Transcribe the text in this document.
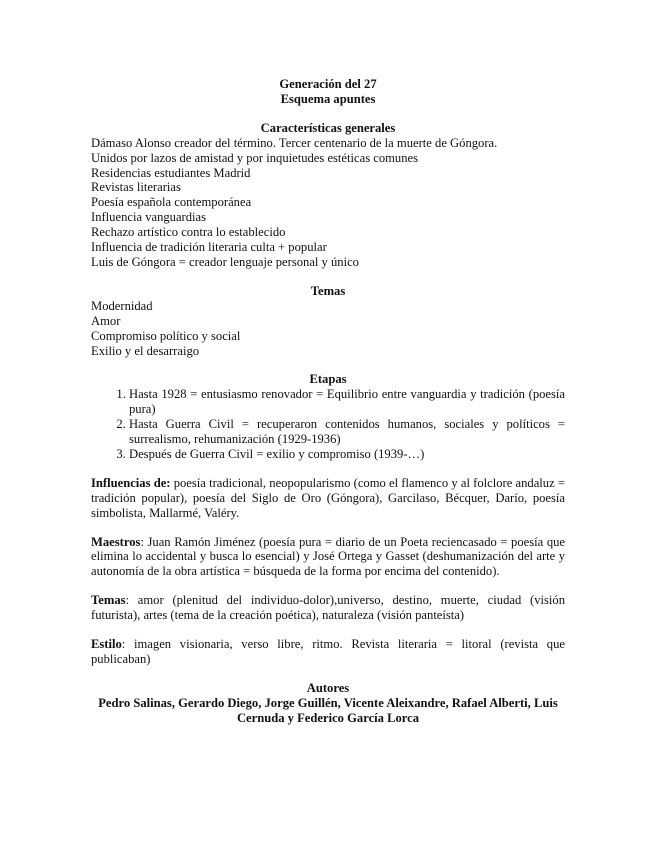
Generación del 27
Esquema apuntes
Características generales
Dámaso Alonso creador del término. Tercer centenario de la muerte de Góngora.
Unidos por lazos de amistad y por inquietudes estéticas comunes
Residencias estudiantes Madrid
Revistas literarias
Poesía española contemporánea
Influencia vanguardias
Rechazo artístico contra lo establecido
Influencia de tradición literaria culta + popular
Luis de Góngora = creador lenguaje personal y único
Temas
Modernidad
Amor
Compromiso político y social
Exilio y el desarraigo
Etapas
1. Hasta 1928 = entusiasmo renovador = Equilibrio entre vanguardia y tradición (poesía pura)
2. Hasta Guerra Civil = recuperaron contenidos humanos, sociales y políticos = surrealismo, rehumanización (1929-1936)
3. Después de Guerra Civil = exilio y compromiso (1939-…)
Influencias de: poesía tradicional, neopopularismo (como el flamenco y al folclore andaluz = tradición popular), poesía del Siglo de Oro (Góngora), Garcilaso, Bécquer, Darío, poesía simbolista, Mallarmé, Valéry.
Maestros: Juan Ramón Jiménez (poesía pura = diario de un Poeta reciencasado = poesía que elimina lo accidental y busca lo esencial) y José Ortega y Gasset (deshumanización del arte y autonomía de la obra artística = búsqueda de la forma por encima del contenido).
Temas: amor (plenitud del individuo-dolor),universo, destino, muerte, ciudad (visión futurista), artes (tema de la creación poética), naturaleza (visión panteísta)
Estilo: imagen visionaria, verso libre, ritmo. Revista literaria = litoral (revista que publicaban)
Autores
Pedro Salinas, Gerardo Diego, Jorge Guillén, Vicente Aleixandre, Rafael Alberti, Luis Cernuda y Federico García Lorca
